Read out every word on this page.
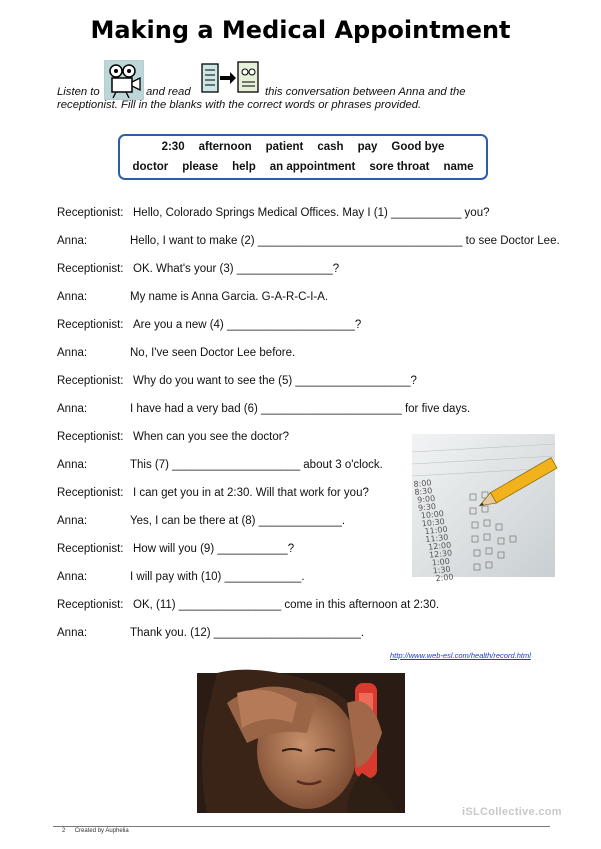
Making a Medical Appointment
Listen to	and read	this conversation between Anna and the
receptionist. Fill in the blanks with the correct words or phrases provided.
2:30 afternoon patient cash pay Good bye
doctor please help an appointment sore throat name
Receptionist: Hello, Colorado Springs Medical Offices. May I (1) ___________ you?
Anna:	Hello, I want to make (2) ________________________________ to see Doctor Lee.
Receptionist: OK. What's your (3) _______________?
Anna:	My name is Anna Garcia. G-A-R-C-I-A.
Receptionist: Are you a new (4) ____________________?
Anna:	No, I've seen Doctor Lee before.
Receptionist: Why do you want to see the (5) __________________?
Anna:	I have had a very bad (6) ______________________ for five days.
Receptionist: When can you see the doctor?
Anna:	This (7) ____________________ about 3 o'clock.
Receptionist: I can get you in at 2:30. Will that work for you?
Anna:	Yes, I can be there at (8) _____________.
Receptionist: How will you (9) ___________?
Anna:	I will pay with (10) ____________.
Receptionist: OK, (11) ________________ come in this afternoon at 2:30.
Anna:	Thank you. (12) _______________________.
8:00
8:30
9:00
9:30
10:00
10:30
11:00
11:30
12:00
12:30
1:00
1:30
2:00
http://www.web-esl.com/health/record.html
iSLCollective.com
2 Created by Auphelia
